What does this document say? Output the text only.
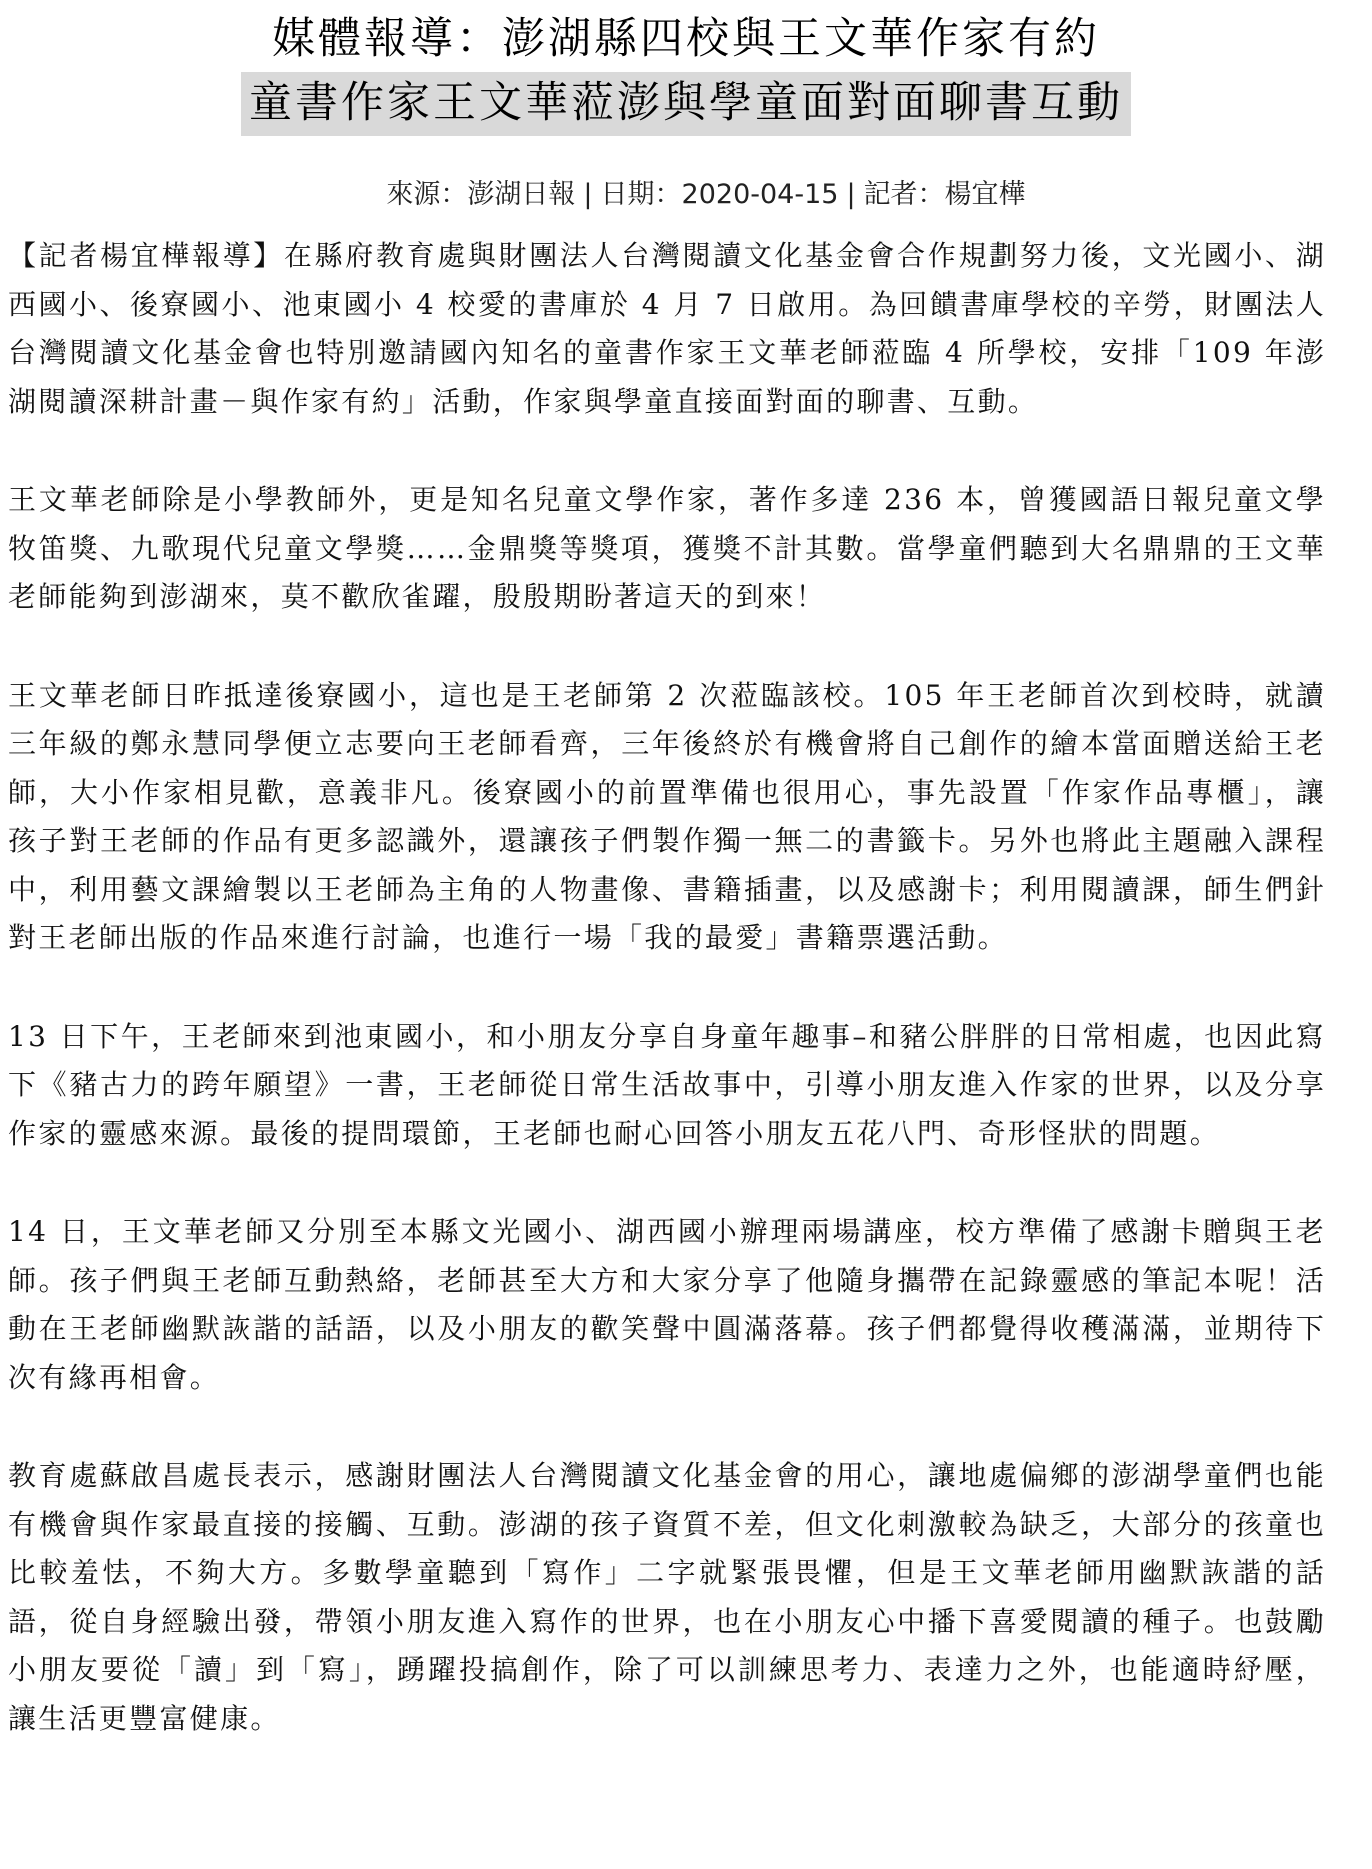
媒體報導：澎湖縣四校與王文華作家有約
童書作家王文華蒞澎與學童面對面聊書互動
來源：澎湖日報 | 日期：2020-04-15 | 記者：楊宜樺

【記者楊宜樺報導】在縣府教育處與財團法人台灣閱讀文化基金會合作規劃努力後，文光國小、湖西國小、後寮國小、池東國小 4 校愛的書庫於 4 月 7 日啟用。為回饋書庫學校的辛勞，財團法人台灣閱讀文化基金會也特別邀請國內知名的童書作家王文華老師蒞臨 4 所學校，安排「109 年澎湖閱讀深耕計畫－與作家有約」活動，作家與學童直接面對面的聊書、互動。

王文華老師除是小學教師外，更是知名兒童文學作家，著作多達 236 本，曾獲國語日報兒童文學牧笛獎、九歌現代兒童文學獎……金鼎獎等獎項，獲獎不計其數。當學童們聽到大名鼎鼎的王文華老師能夠到澎湖來，莫不歡欣雀躍，殷殷期盼著這天的到來！

王文華老師日昨抵達後寮國小，這也是王老師第 2 次蒞臨該校。105 年王老師首次到校時，就讀三年級的鄭永慧同學便立志要向王老師看齊，三年後終於有機會將自己創作的繪本當面贈送給王老師，大小作家相見歡，意義非凡。後寮國小的前置準備也很用心，事先設置「作家作品專櫃」，讓孩子對王老師的作品有更多認識外，還讓孩子們製作獨一無二的書籤卡。另外也將此主題融入課程中，利用藝文課繪製以王老師為主角的人物畫像、書籍插畫，以及感謝卡；利用閱讀課，師生們針對王老師出版的作品來進行討論，也進行一場「我的最愛」書籍票選活動。

13 日下午，王老師來到池東國小，和小朋友分享自身童年趣事–和豬公胖胖的日常相處，也因此寫下《豬古力的跨年願望》一書，王老師從日常生活故事中，引導小朋友進入作家的世界，以及分享作家的靈感來源。最後的提問環節，王老師也耐心回答小朋友五花八門、奇形怪狀的問題。

14 日，王文華老師又分別至本縣文光國小、湖西國小辦理兩場講座，校方準備了感謝卡贈與王老師。孩子們與王老師互動熱絡，老師甚至大方和大家分享了他隨身攜帶在記錄靈感的筆記本呢！活動在王老師幽默詼諧的話語，以及小朋友的歡笑聲中圓滿落幕。孩子們都覺得收穫滿滿，並期待下次有緣再相會。

教育處蘇啟昌處長表示，感謝財團法人台灣閱讀文化基金會的用心，讓地處偏鄉的澎湖學童們也能有機會與作家最直接的接觸、互動。澎湖的孩子資質不差，但文化刺激較為缺乏，大部分的孩童也比較羞怯，不夠大方。多數學童聽到「寫作」二字就緊張畏懼，但是王文華老師用幽默詼諧的話語，從自身經驗出發，帶領小朋友進入寫作的世界，也在小朋友心中播下喜愛閱讀的種子。也鼓勵小朋友要從「讀」到「寫」，踴躍投搞創作，除了可以訓練思考力、表達力之外，也能適時紓壓，讓生活更豐富健康。
